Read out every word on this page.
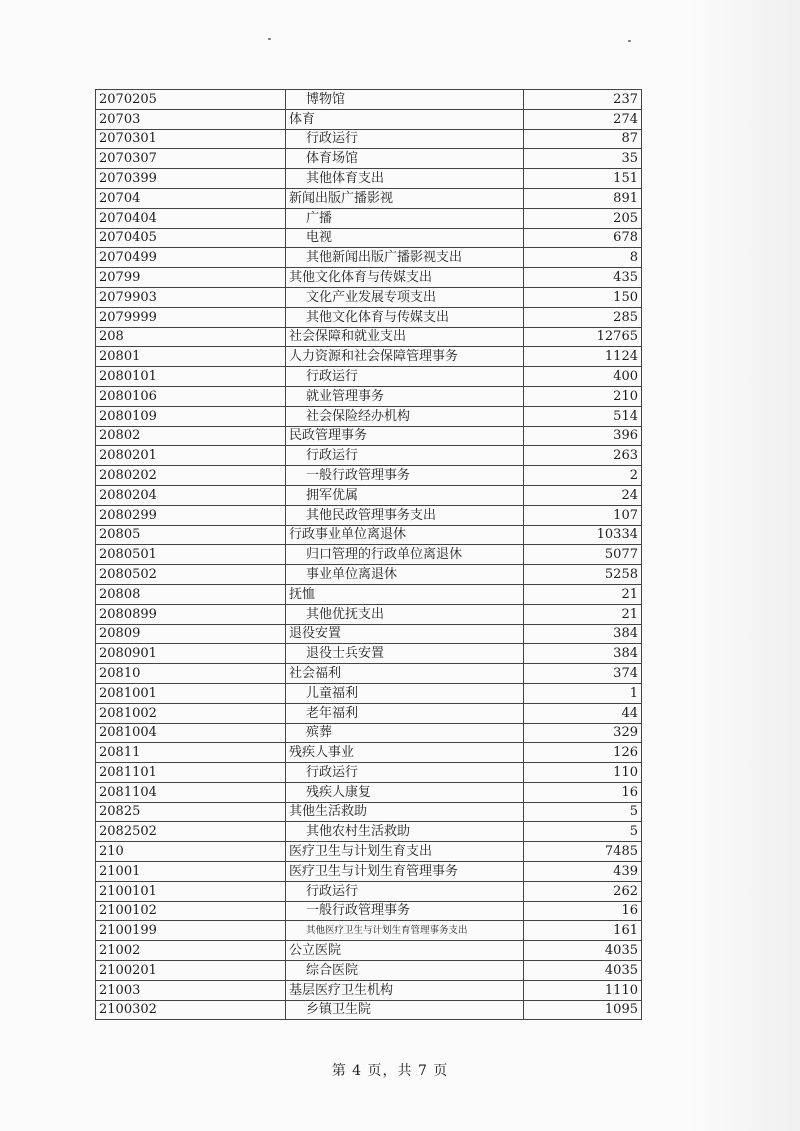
2070205	博物馆	237
20703	体育	274
2070301	行政运行	87
2070307	体育场馆	35
2070399	其他体育支出	151
20704	新闻出版广播影视	891
2070404	广播	205
2070405	电视	678
2070499	其他新闻出版广播影视支出	8
20799	其他文化体育与传媒支出	435
2079903	文化产业发展专项支出	150
2079999	其他文化体育与传媒支出	285
208	社会保障和就业支出	12765
20801	人力资源和社会保障管理事务	1124
2080101	行政运行	400
2080106	就业管理事务	210
2080109	社会保险经办机构	514
20802	民政管理事务	396
2080201	行政运行	263
2080202	一般行政管理事务	2
2080204	拥军优属	24
2080299	其他民政管理事务支出	107
20805	行政事业单位离退休	10334
2080501	归口管理的行政单位离退休	5077
2080502	事业单位离退休	5258
20808	抚恤	21
2080899	其他优抚支出	21
20809	退役安置	384
2080901	退役士兵安置	384
20810	社会福利	374
2081001	儿童福利	1
2081002	老年福利	44
2081004	殡葬	329
20811	残疾人事业	126
2081101	行政运行	110
2081104	残疾人康复	16
20825	其他生活救助	5
2082502	其他农村生活救助	5
210	医疗卫生与计划生育支出	7485
21001	医疗卫生与计划生育管理事务	439
2100101	行政运行	262
2100102	一般行政管理事务	16
2100199	其他医疗卫生与计划生育管理事务支出	161
21002	公立医院	4035
2100201	综合医院	4035
21003	基层医疗卫生机构	1110
2100302	乡镇卫生院	1095
第 4 页，共 7 页
